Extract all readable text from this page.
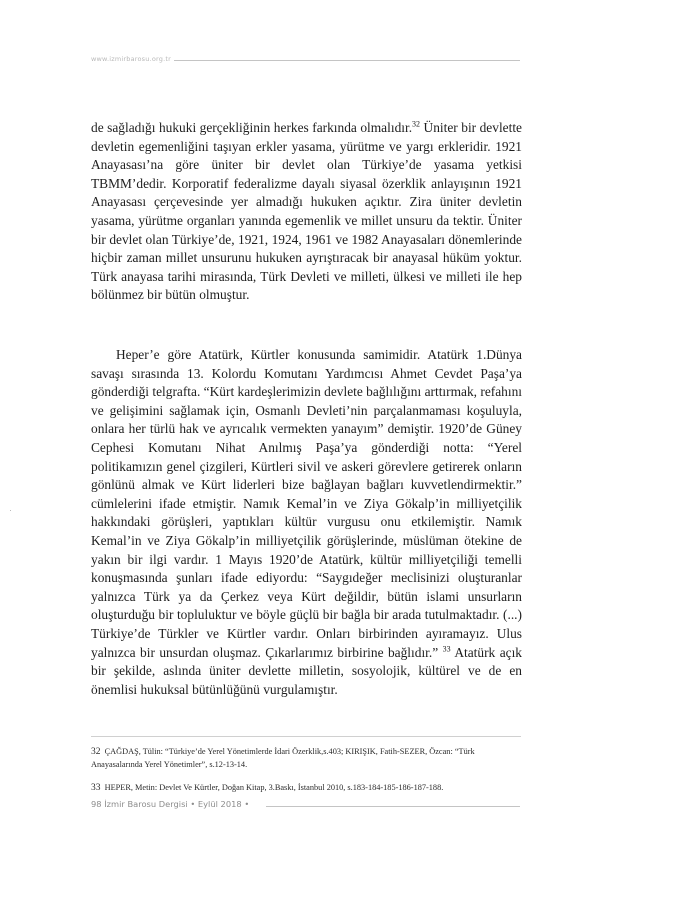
www.izmirbarosu.org.tr

de sağladığı hukuki gerçekliğinin herkes farkında olmalıdır.$^{32}$ Üniter bir devlette devletin egemenliğini taşıyan erkler yasama, yürütme ve yargı erkleridir. 1921 Anayasası’na göre üniter bir devlet olan Türkiye’de yasama yetkisi TBMM’dedir. Korporatif federalizme dayalı siyasal özerklik anlayışının 1921 Anayasası çerçevesinde yer almadığı hukuken açıktır. Zira üniter devletin yasama, yürütme organları yanında egemenlik ve millet unsuru da tektir. Üniter bir devlet olan Türkiye’de, 1921, 1924, 1961 ve 1982 Anayasaları dönemlerinde hiçbir zaman millet unsurunu hukuken ayrıştıracak bir anayasal hüküm yoktur. Türk anayasa tarihi mirasında, Türk Devleti ve milleti, ülkesi ve milleti ile hep bölünmez bir bütün olmuştur.

Heper’e göre Atatürk, Kürtler konusunda samimidir. Atatürk 1.Dünya savaşı sırasında 13. Kolordu Komutanı Yardımcısı Ahmet Cevdet Paşa’ya gönderdiği telgrafta. “Kürt kardeşlerimizin devlete bağlılığını arttırmak, refahını ve gelişimini sağlamak için, Osmanlı Devleti’nin parçalanmaması koşuluyla, onlara her türlü hak ve ayrıcalık vermekten yanayım” demiştir. 1920’de Güney Cephesi Komutanı Nihat Anılmış Paşa’ya gönderdiği notta: “Yerel politikamızın genel çizgileri, Kürtleri sivil ve askeri görevlere getirerek onların gönlünü almak ve Kürt liderleri bize bağlayan bağları kuvvetlendirmektir.” cümlelerini ifade etmiştir. Namık Kemal’in ve Ziya Gökalp’in milliyetçilik hakkındaki görüşleri, yaptıkları kültür vurgusu onu etkilemiştir. Namık Kemal’in ve Ziya Gökalp’in milliyetçilik görüşlerinde, müslüman ötekine de yakın bir ilgi vardır. 1 Mayıs 1920’de Atatürk, kültür milliyetçiliği temelli konuşmasında şunları ifade ediyordu: “Saygıdeğer meclisinizi oluşturanlar yalnızca Türk ya da Çerkez veya Kürt değildir, bütün islami unsurların oluşturduğu bir topluluktur ve böyle güçlü bir bağla bir arada tutulmaktadır. (...) Türkiye’de Türkler ve Kürtler vardır. Onları birbirinden ayıramayız. Ulus yalnızca bir unsurdan oluşmaz. Çıkarlarımız birbirine bağlıdır.” $^{33}$ Atatürk açık bir şekilde, aslında üniter devlette milletin, sosyolojik, kültürel ve de en önemlisi hukuksal bütünlüğünü vurgulamıştır.

32 ÇAĞDAŞ, Tülin: “Türkiye’de Yerel Yönetimlerde İdari Özerklik,s.403; KIRIŞIK, Fatih-SEZER, Özcan: “Türk Anayasalarında Yerel Yönetimler”, s.12-13-14.

33 HEPER, Metin: Devlet Ve Kürtler, Doğan Kitap, 3.Baskı, İstanbul 2010, s.183-184-185-186-187-188.

98 İzmir Barosu Dergisi • Eylül 2018 •
